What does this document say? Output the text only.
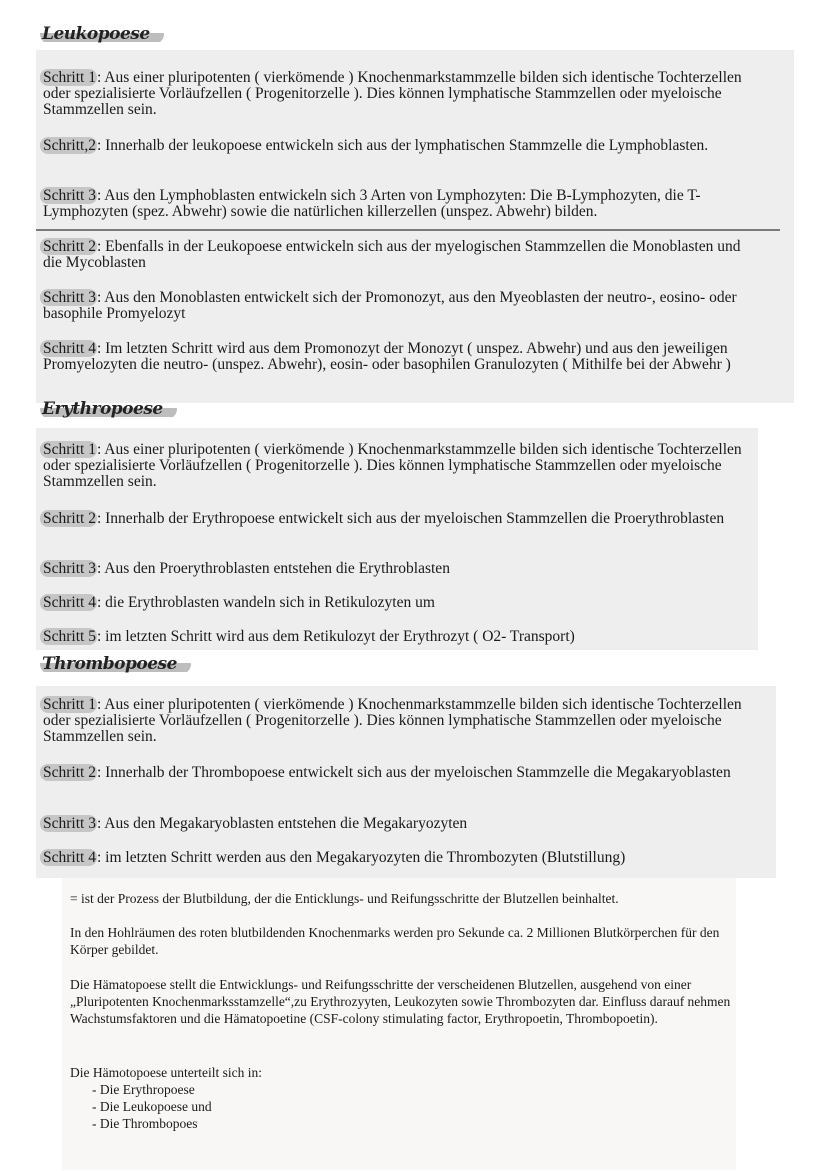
Leukopoese
Schritt 1: Aus einer pluripotenten ( vierkömende ) Knochenmarkstammzelle bilden sich identische Tochterzellen oder spezialisierte Vorläufzellen ( Progenitorzelle ). Dies können lymphatische Stammzellen oder myeloische Stammzellen sein.
Schritt,2: Innerhalb der leukopoese entwickeln sich aus der lymphatischen Stammzelle die Lymphoblasten.
Schritt 3: Aus den Lymphoblasten entwickeln sich 3 Arten von Lymphozyten: Die B-Lymphozyten, die T-Lymphozyten (spez. Abwehr) sowie die natürlichen killerzellen (unspez. Abwehr) bilden.
Schritt 2: Ebenfalls in der Leukopoese entwickeln sich aus der myelogischen Stammzellen die Monoblasten und die Mycoblasten
Schritt 3: Aus den Monoblasten entwickelt sich der Promonozyt, aus den Myeoblasten der neutro-, eosino- oder basophile Promyelozyt
Schritt 4: Im letzten Schritt wird aus dem Promonozyt der Monozyt ( unspez. Abwehr) und aus den jeweiligen Promyelozyten die neutro- (unspez. Abwehr), eosin- oder basophilen Granulozyten ( Mithilfe bei der Abwehr )
Erythropoese
Schritt 1: Aus einer pluripotenten ( vierkömende ) Knochenmarkstammzelle bilden sich identische Tochterzellen oder spezialisierte Vorläufzellen ( Progenitorzelle ). Dies können lymphatische Stammzellen oder myeloische Stammzellen sein.
Schritt 2: Innerhalb der Erythropoese entwickelt sich aus der myeloischen Stammzellen die Proerythroblasten
Schritt 3: Aus den Proerythroblasten entstehen die Erythroblasten
Schritt 4: die Erythroblasten wandeln sich in Retikulozyten um
Schritt 5: im letzten Schritt wird aus dem Retikulozyt der Erythrozyt ( O2- Transport)
Thrombopoese
Schritt 1: Aus einer pluripotenten ( vierkömende ) Knochenmarkstammzelle bilden sich identische Tochterzellen oder spezialisierte Vorläufzellen ( Progenitorzelle ). Dies können lymphatische Stammzellen oder myeloische Stammzellen sein.
Schritt 2: Innerhalb der Thrombopoese entwickelt sich aus der myeloischen Stammzelle die Megakaryoblasten
Schritt 3: Aus den Megakaryoblasten entstehen die Megakaryozyten
Schritt 4: im letzten Schritt werden aus den Megakaryozyten die Thrombozyten (Blutstillung)

= ist der Prozess der Blutbildung, der die Enticklungs- und Reifungsschritte der Blutzellen beinhaltet.

In den Hohlräumen des roten blutbildenden Knochenmarks werden pro Sekunde ca. 2 Millionen Blutkörperchen für den Körper gebildet.

Die Hämatopoese stellt die Entwicklungs- und Reifungsschritte der verscheidenen Blutzellen, ausgehend von einer „Pluripotenten Knochenmarksstamzelle“,zu Erythrozyyten, Leukozyten sowie Thrombozyten dar. Einfluss darauf nehmen Wachstumsfaktoren und die Hämatopoetine (CSF-colony stimulating factor, Erythropoetin, Thrombopoetin).

Die Hämotopoese unterteilt sich in:
- Die Erythropoese
- Die Leukopoese und
- Die Thrombopoes
